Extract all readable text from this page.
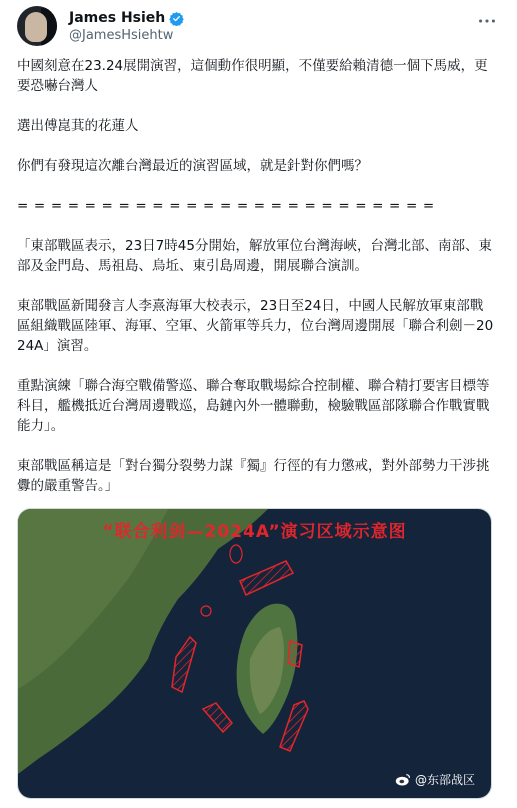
James Hsieh
@JamesHsiehtw

中國刻意在23.24展開演習，這個動作很明顯，不僅要給賴清德一個下馬威，更要恐嚇台灣人

選出傅崑萁的花蓮人

你們有發現這次離台灣最近的演習區域，就是針對你們嗎？

=========================

「東部戰區表示，23日7時45分開始，解放軍位台灣海峽，台灣北部、南部、東部及金門島、馬祖島、烏坵、東引島周邊，開展聯合演訓。

東部戰區新聞發言人李熹海軍大校表示，23日至24日，中國人民解放軍東部戰區組織戰區陸軍、海軍、空軍、火箭軍等兵力，位台灣周邊開展「聯合利劍－2024A」演習。

重點演練「聯合海空戰備警巡、聯合奪取戰場綜合控制權、聯合精打要害目標等科目，艦機抵近台灣周邊戰巡，島鏈內外一體聯動，檢驗戰區部隊聯合作戰實戰能力」。

東部戰區稱這是「對台獨分裂勢力謀『獨』行徑的有力懲戒，對外部勢力干涉挑釁的嚴重警告。」

“联合利剑—2024A”演习区域示意图
@东部战区
